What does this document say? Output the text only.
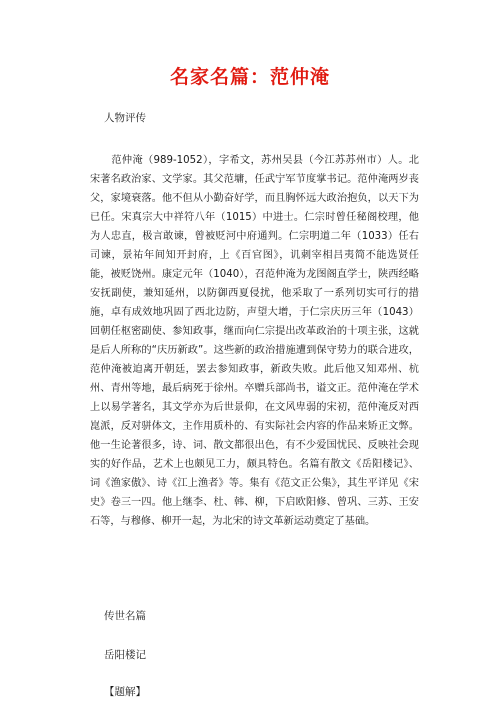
名家名篇：范仲淹

人物评传

范仲淹（989-1052），字希文，苏州吴县（今江苏苏州市）人。北宋著名政治家、文学家。其父范墉，任武宁军节度掌书记。范仲淹两岁丧父，家境衰落。他不但从小勤奋好学，而且胸怀远大政治抱负，以天下为已任。宋真宗大中祥符八年（1015）中进士。仁宗时曾任秘阁校理，他为人忠直，极言敢谏，曾被贬河中府通判。仁宗明道二年（1033）任右司谏，景祐年间知开封府，上《百官图》，讥刺宰相吕夷简不能选贤任能，被贬饶州。康定元年（1040），召范仲淹为龙图阁直学士，陕西经略安抚副使，兼知延州，以防御西夏侵扰，他采取了一系列切实可行的措施，卓有成效地巩固了西北边防，声望大增，于仁宗庆历三年（1043）回朝任枢密副使、参知政事，继而向仁宗提出改革政治的十项主张，这就是后人所称的“庆历新政”。这些新的政治措施遭到保守势力的联合进攻，范仲淹被迫离开朝廷，罢去参知政事，新政失败。此后他又知邓州、杭州、青州等地，最后病死于徐州。卒赠兵部尚书，谥文正。范仲淹在学术上以易学著名，其文学亦为后世景仰，在文风卑弱的宋初，范仲淹反对西崑派，反对骈体文，主作用质朴的、有实际社会内容的作品来矫正文弊。他一生论著很多，诗、词、散文都很出色，有不少爱国忧民、反映社会现实的好作品，艺术上也颇见工力，颇具特色。名篇有散文《岳阳楼记》、词《渔家傲》、诗《江上渔者》等。集有《范文正公集》，其生平详见《宋史》卷三一四。他上继李、杜、韩、柳，下启欧阳修、曾巩、三苏、王安石等，与穆修、柳开一起，为北宋的诗文革新运动奠定了基础。

传世名篇

岳阳楼记

【题解】
